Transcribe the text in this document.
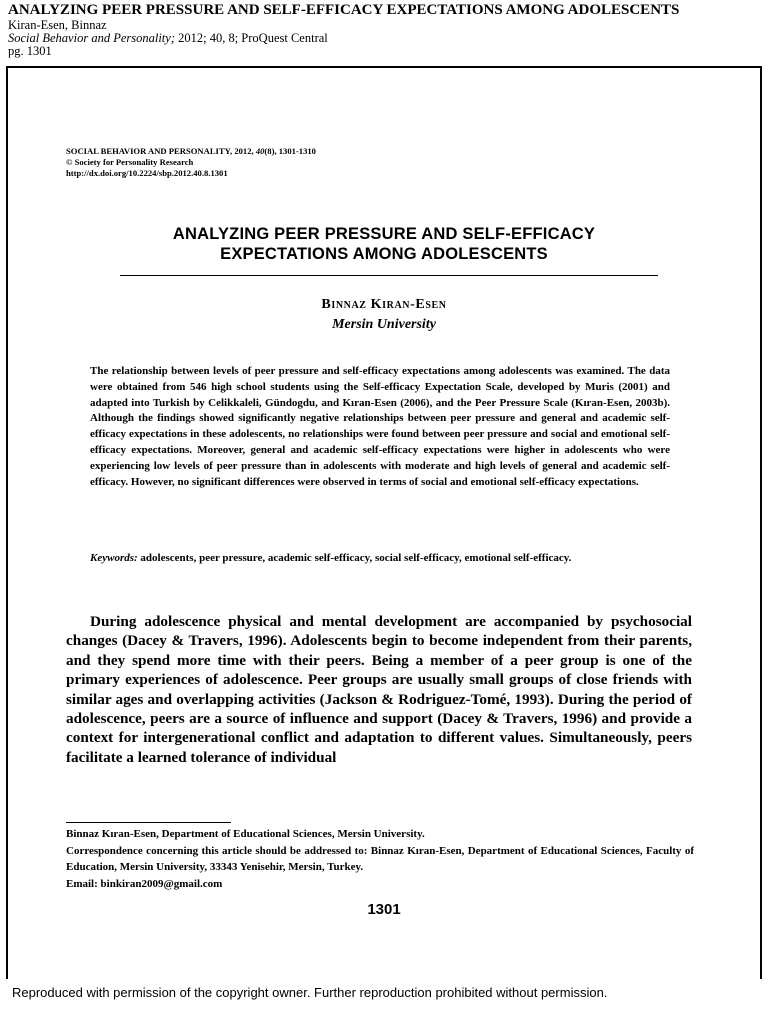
ANALYZING PEER PRESSURE AND SELF-EFFICACY EXPECTATIONS AMONG ADOLESCENTS
Kiran-Esen, Binnaz
Social Behavior and Personality; 2012; 40, 8; ProQuest Central
pg. 1301
SOCIAL BEHAVIOR AND PERSONALITY, 2012, 40(8), 1301-1310
© Society for Personality Research
http://dx.doi.org/10.2224/sbp.2012.40.8.1301
ANALYZING PEER PRESSURE AND SELF-EFFICACY
EXPECTATIONS AMONG ADOLESCENTS
Binnaz Kiran-Esen
Mersin University
The relationship between levels of peer pressure and self-efficacy expectations among adolescents was examined. The data were obtained from 546 high school students using the Self-efficacy Expectation Scale, developed by Muris (2001) and adapted into Turkish by Celikkaleli, Gündogdu, and Kıran-Esen (2006), and the Peer Pressure Scale (Kıran-Esen, 2003b). Although the findings showed significantly negative relationships between peer pressure and general and academic self-efficacy expectations in these adolescents, no relationships were found between peer pressure and social and emotional self-efficacy expectations. Moreover, general and academic self-efficacy expectations were higher in adolescents who were experiencing low levels of peer pressure than in adolescents with moderate and high levels of general and academic self-efficacy. However, no significant differences were observed in terms of social and emotional self-efficacy expectations.
Keywords: adolescents, peer pressure, academic self-efficacy, social self-efficacy, emotional self-efficacy.
During adolescence physical and mental development are accompanied by psychosocial changes (Dacey & Travers, 1996). Adolescents begin to become independent from their parents, and they spend more time with their peers. Being a member of a peer group is one of the primary experiences of adolescence. Peer groups are usually small groups of close friends with similar ages and overlapping activities (Jackson & Rodriguez-Tomé, 1993). During the period of adolescence, peers are a source of influence and support (Dacey & Travers, 1996) and provide a context for intergenerational conflict and adaptation to different values. Simultaneously, peers facilitate a learned tolerance of individual

Binnaz Kıran-Esen, Department of Educational Sciences, Mersin University.

Correspondence concerning this article should be addressed to: Binnaz Kıran-Esen, Department of Educational Sciences, Faculty of Education, Mersin University, 33343 Yenisehir, Mersin, Turkey.

Email: binkiran2009@gmail.com

1301
Reproduced with permission of the copyright owner. Further reproduction prohibited without permission.
